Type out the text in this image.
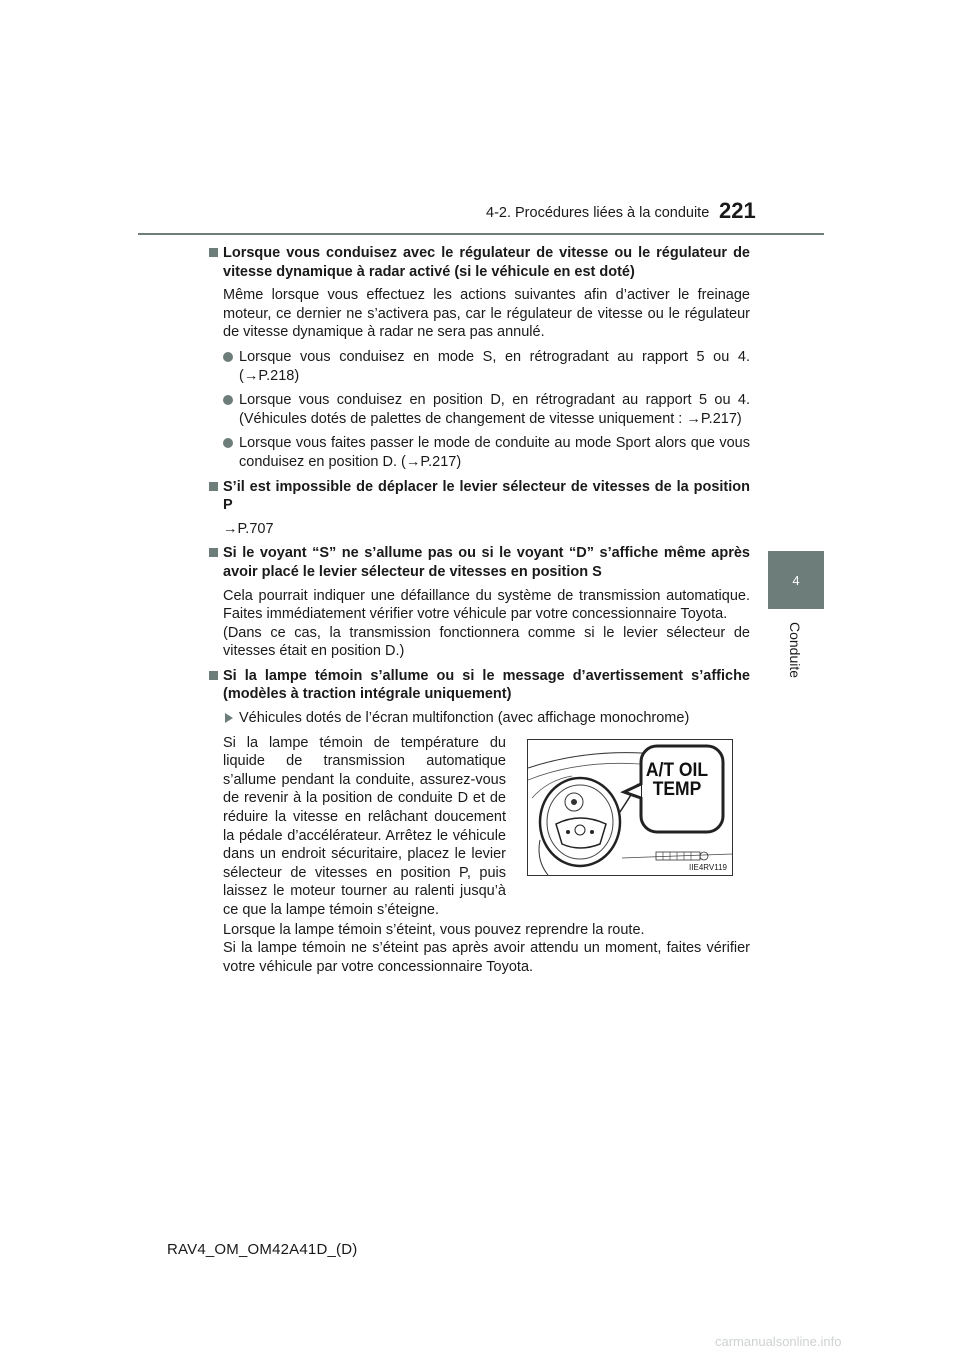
4-2. Procédures liées à la conduite 221
4
Conduite
Lorsque vous conduisez avec le régulateur de vitesse ou le régulateur de vitesse dynamique à radar activé (si le véhicule en est doté)

Même lorsque vous effectuez les actions suivantes afin d’activer le freinage moteur, ce dernier ne s’activera pas, car le régulateur de vitesse ou le régulateur de vitesse dynamique à radar ne sera pas annulé.

Lorsque vous conduisez en mode S, en rétrogradant au rapport 5 ou 4. (→P.218)
Lorsque vous conduisez en position D, en rétrogradant au rapport 5 ou 4. (Véhicules dotés de palettes de changement de vitesse uniquement : →P.217)
Lorsque vous faites passer le mode de conduite au mode Sport alors que vous conduisez en position D. (→P.217)
S’il est impossible de déplacer le levier sélecteur de vitesses de la position P

→P.707

Si le voyant “S” ne s’allume pas ou si le voyant “D” s’affiche même après avoir placé le levier sélecteur de vitesses en position S

Cela pourrait indiquer une défaillance du système de transmission automatique. Faites immédiatement vérifier votre véhicule par votre concessionnaire Toyota.

(Dans ce cas, la transmission fonctionnera comme si le levier sélecteur de vitesses était en position D.)

Si la lampe témoin s’allume ou si le message d’avertissement s’affiche (modèles à traction intégrale uniquement)
Véhicules dotés de l’écran multifonction (avec affichage monochrome)
Si la lampe témoin de température du liquide de transmission automatique s’allume pendant la conduite, assurez-vous de revenir à la position de conduite D et de réduire la vitesse en relâchant doucement la pédale d’accélérateur. Arrêtez le véhicule dans un endroit sécuritaire, placez le levier sélecteur de vitesses en position P, puis laissez le moteur tourner au ralenti jusqu’à ce que la lampe témoin s’éteigne.

Lorsque la lampe témoin s’éteint, vous pouvez reprendre la route.

Si la lampe témoin ne s’éteint pas après avoir attendu un moment, faites vérifier votre véhicule par votre concessionnaire Toyota.

A/T OIL
TEMP
IIE4RV119
RAV4_OM_OM42A41D_(D)
carmanualsonline.info
